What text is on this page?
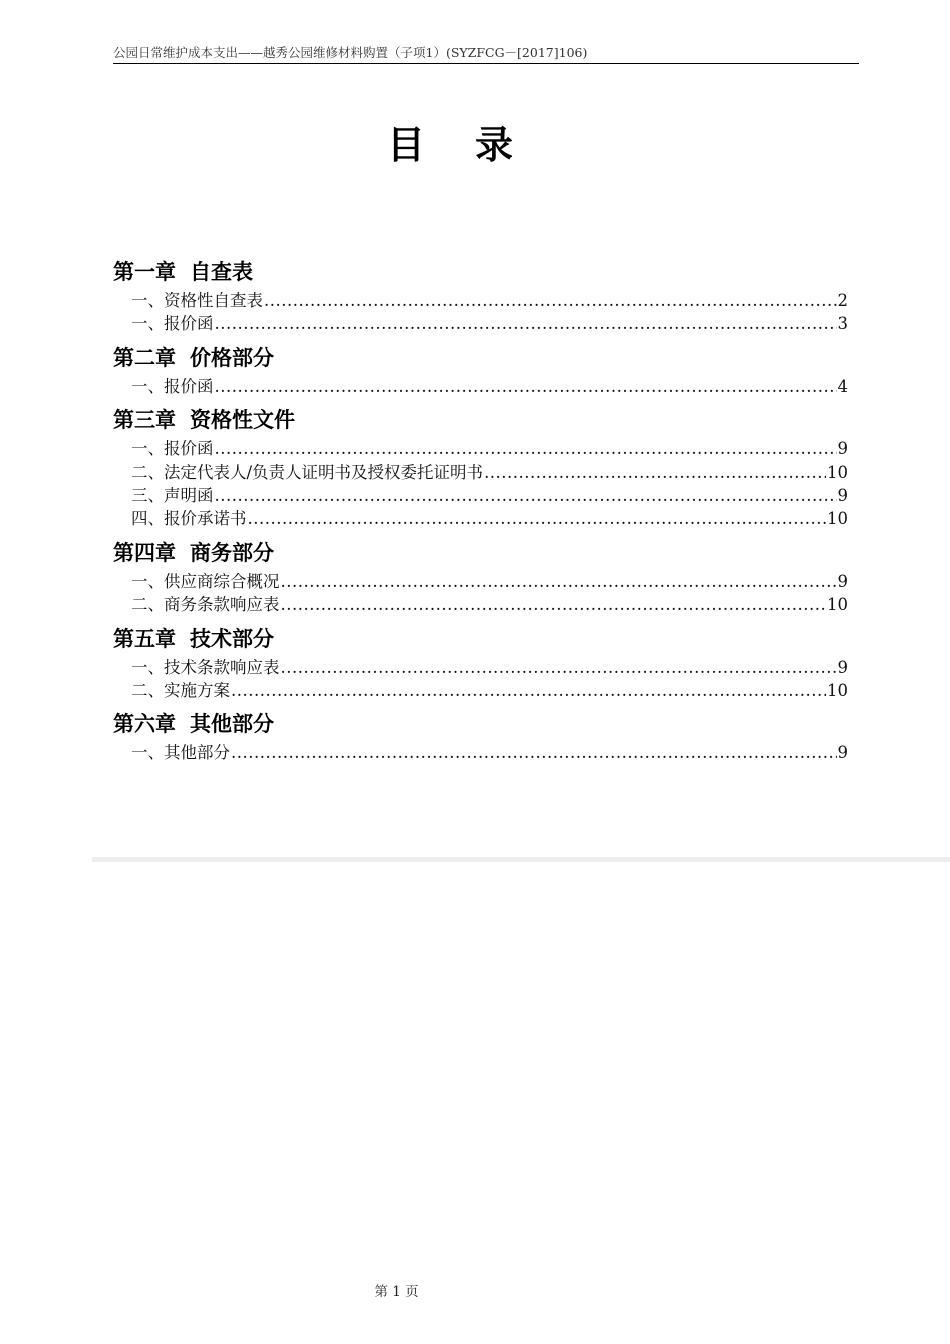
公园日常维护成本支出——越秀公园维修材料购置（子项1）(SYZFCG－[2017]106)
目录
第一章 自查表
一、资格性自查表 .....	2
一、报价函 .....	3
第二章 价格部分
一、报价函 .....	4
第三章 资格性文件
一、报价函 .....	9
二、法定代表人/负责人证明书及授权委托证明书 .....	10
三、声明函 .....	9
四、报价承诺书 .....	10
第四章 商务部分
一、供应商综合概况 .....	9
二、商务条款响应表 .....	10
第五章 技术部分
一、技术条款响应表 .....	9
二、实施方案 .....	10
第六章 其他部分
一、其他部分 .....	9
第 1 页
